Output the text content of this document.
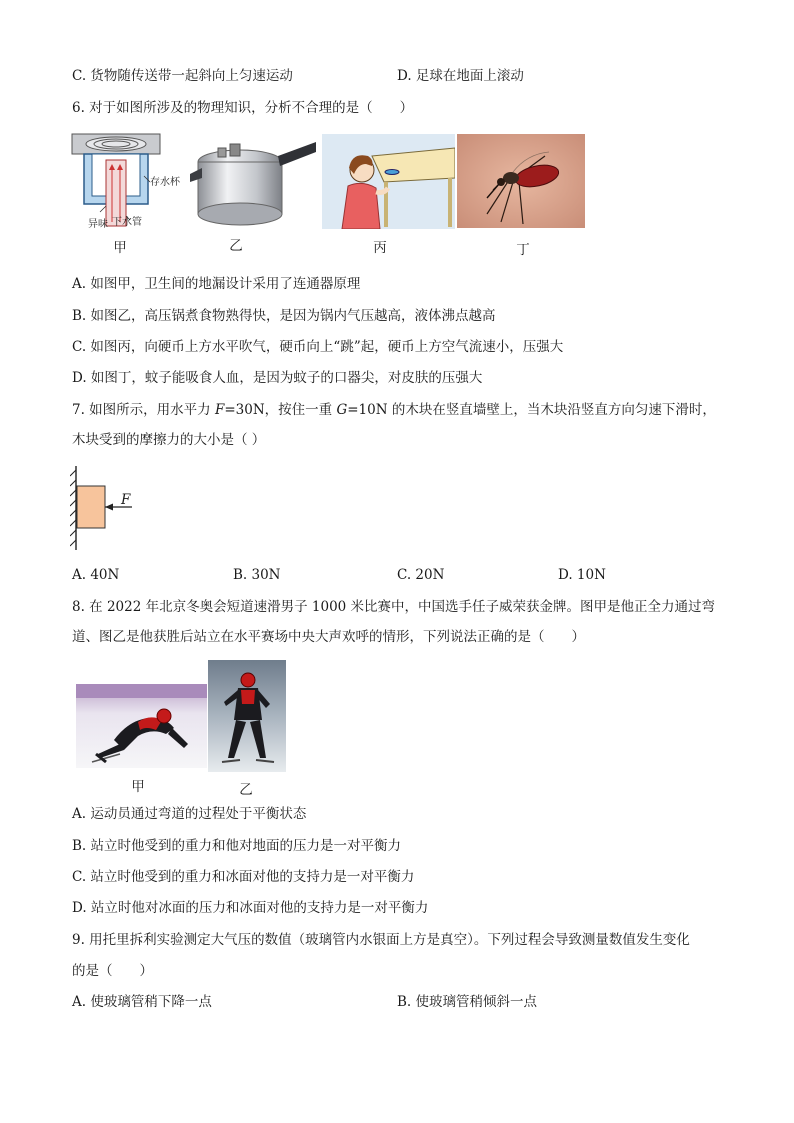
C. 货物随传送带一起斜向上匀速运动	D. 足球在地面上滚动
6. 对于如图所涉及的物理知识，分析不合理的是（　　）
存水杯
异味 下水管
甲	乙	丙	丁
A. 如图甲，卫生间的地漏设计采用了连通器原理
B. 如图乙，高压锅煮食物熟得快，是因为锅内气压越高，液体沸点越高
C. 如图丙，向硬币上方水平吹气，硬币向上“跳”起，硬币上方空气流速小，压强大
D. 如图丁，蚊子能吸食人血，是因为蚊子的口器尖，对皮肤的压强大
7. 如图所示，用水平力 F=30N，按住一重 G=10N 的木块在竖直墙壁上，当木块沿竖直方向匀速下滑时，
木块受到的摩擦力的大小是（ ）
F
A. 40N	B. 30N	C. 20N	D. 10N
8. 在 2022 年北京冬奥会短道速滑男子 1000 米比赛中，中国选手任子威荣获金牌。图甲是他正全力通过弯
道、图乙是他获胜后站立在水平赛场中央大声欢呼的情形，下列说法正确的是（　　）
甲	乙
A. 运动员通过弯道的过程处于平衡状态
B. 站立时他受到的重力和他对地面的压力是一对平衡力
C. 站立时他受到的重力和冰面对他的支持力是一对平衡力
D. 站立时他对冰面的压力和冰面对他的支持力是一对平衡力
9. 用托里拆利实验测定大气压的数值（玻璃管内水银面上方是真空）。下列过程会导致测量数值发生变化
的是（　　）
A. 使玻璃管稍下降一点	B. 使玻璃管稍倾斜一点
